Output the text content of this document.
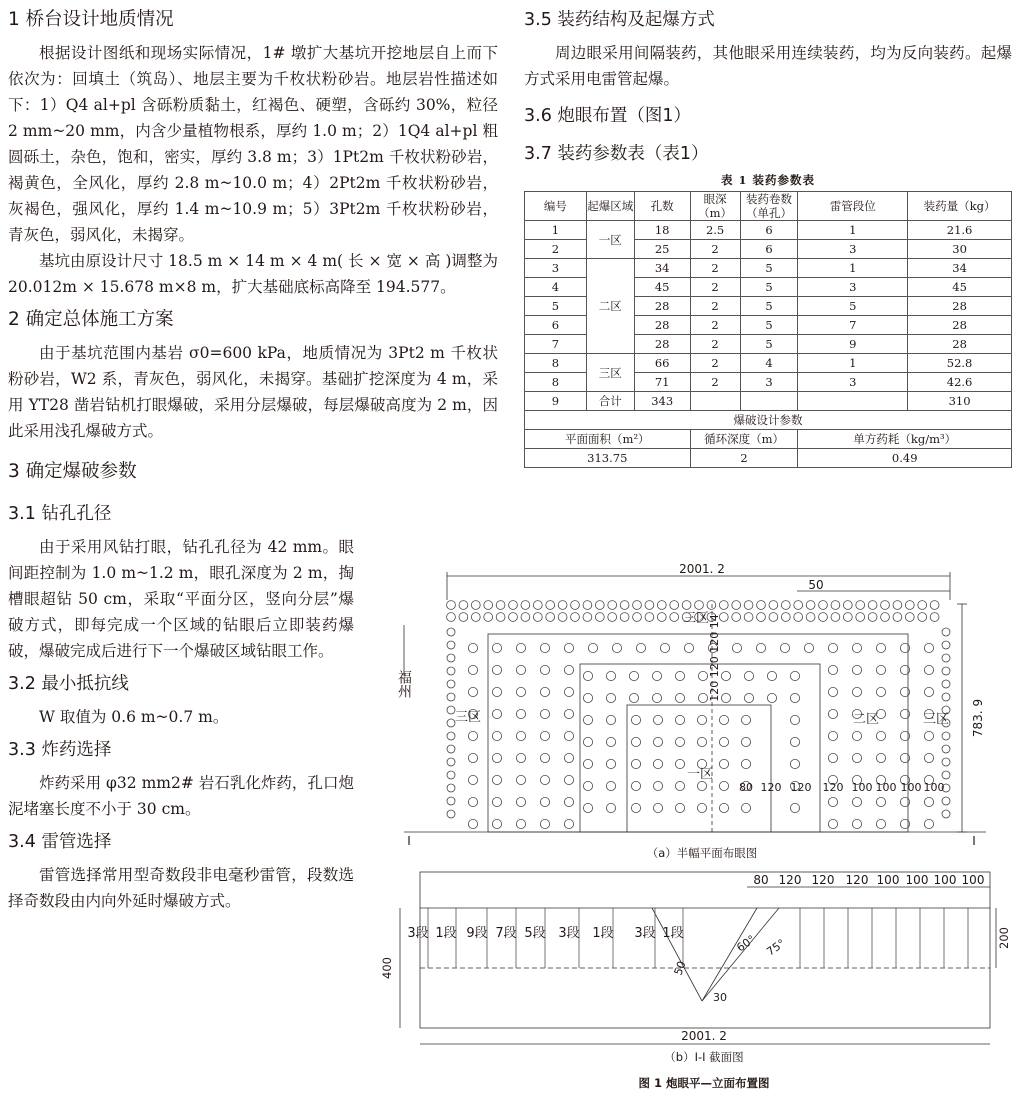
1 桥台设计地质情况

根据设计图纸和现场实际情况，1# 墩扩大基坑开挖地层自上而下依次为：回填土（筑岛）、地层主要为千枚状粉砂岩。地层岩性描述如下：1）Q4 al+pl 含砾粉质黏土，红褐色、硬塑，含砾约 30%，粒径 2 mm~20 mm，内含少量植物根系，厚约 1.0 m；2）1Q4 al+pl 粗圆砾土，杂色，饱和，密实，厚约 3.8 m；3）1Pt2m 千枚状粉砂岩，褐黄色，全风化，厚约 2.8 m~10.0 m；4）2Pt2m 千枚状粉砂岩，灰褐色，强风化，厚约 1.4 m~10.9 m；5）3Pt2m 千枚状粉砂岩，青灰色，弱风化，未揭穿。

基坑由原设计尺寸 18.5 m × 14 m × 4 m( 长 × 宽 × 高 )调整为 20.012m × 15.678 m×8 m，扩大基础底标高降至 194.577。

2 确定总体施工方案

由于基坑范围内基岩 σ0=600 kPa，地质情况为 3Pt2 m 千枚状粉砂岩，W2 系，青灰色，弱风化，未揭穿。基础扩挖深度为 4 m，采用 YT28 凿岩钻机打眼爆破，采用分层爆破，每层爆破高度为 2 m，因此采用浅孔爆破方式。

3 确定爆破参数
3.1 钻孔孔径

由于采用风钻打眼，钻孔孔径为 42 mm。眼间距控制为 1.0 m~1.2 m，眼孔深度为 2 m，掏槽眼超钻 50 cm，采取“平面分区，竖向分层”爆破方式，即每完成一个区域的钻眼后立即装药爆破，爆破完成后进行下一个爆破区域钻眼工作。

3.2 最小抵抗线

W 取值为 0.6 m~0.7 m。

3.3 炸药选择

炸药采用 φ32 mm2# 岩石乳化炸药，孔口炮泥堵塞长度不小于 30 cm。

3.4 雷管选择

雷管选择常用型奇数段非电毫秒雷管，段数选择奇数段由内向外延时爆破方式。

3.5 装药结构及起爆方式

周边眼采用间隔装药，其他眼采用连续装药，均为反向装药。起爆方式采用电雷管起爆。

3.6 炮眼布置（图1）
3.7 装药参数表（表1）
表 1 装药参数表
编号	起爆区域	孔数	眼深（m）	装药卷数（单孔）	雷管段位	装药量（kg）
1	一区	18	2.5	6	1	21.6
2		25	2	6	3	30
3	二区	34	2	5	1	34
4		45	2	5	3	45
5		28	2	5	5	28
6		28	2	5	7	28
7		28	2	5	9	28
8	三区	66	2	4	1	52.8
8		71	2	3	3	42.6
9	合计	343				310
爆破设计参数						
平面面积（m²）			循环深度（m）		单方药耗（kg/m³）	
313.75			2		0.49	
2001. 2
50
783. 9
120 120 120 14
一区
二区
三区	三区
三区
福州
I	I
（a）半幅平面布眼图
400
200
60° 75°
50
30
2001. 2
（b）I-I 截面图
图 1 炮眼平—立面布置图
80 120 120 120 100 100 100 100
80 120 120 120 100 100 100 100
3段 1段 9段 7段 5段 3段 1段 3段 1段
